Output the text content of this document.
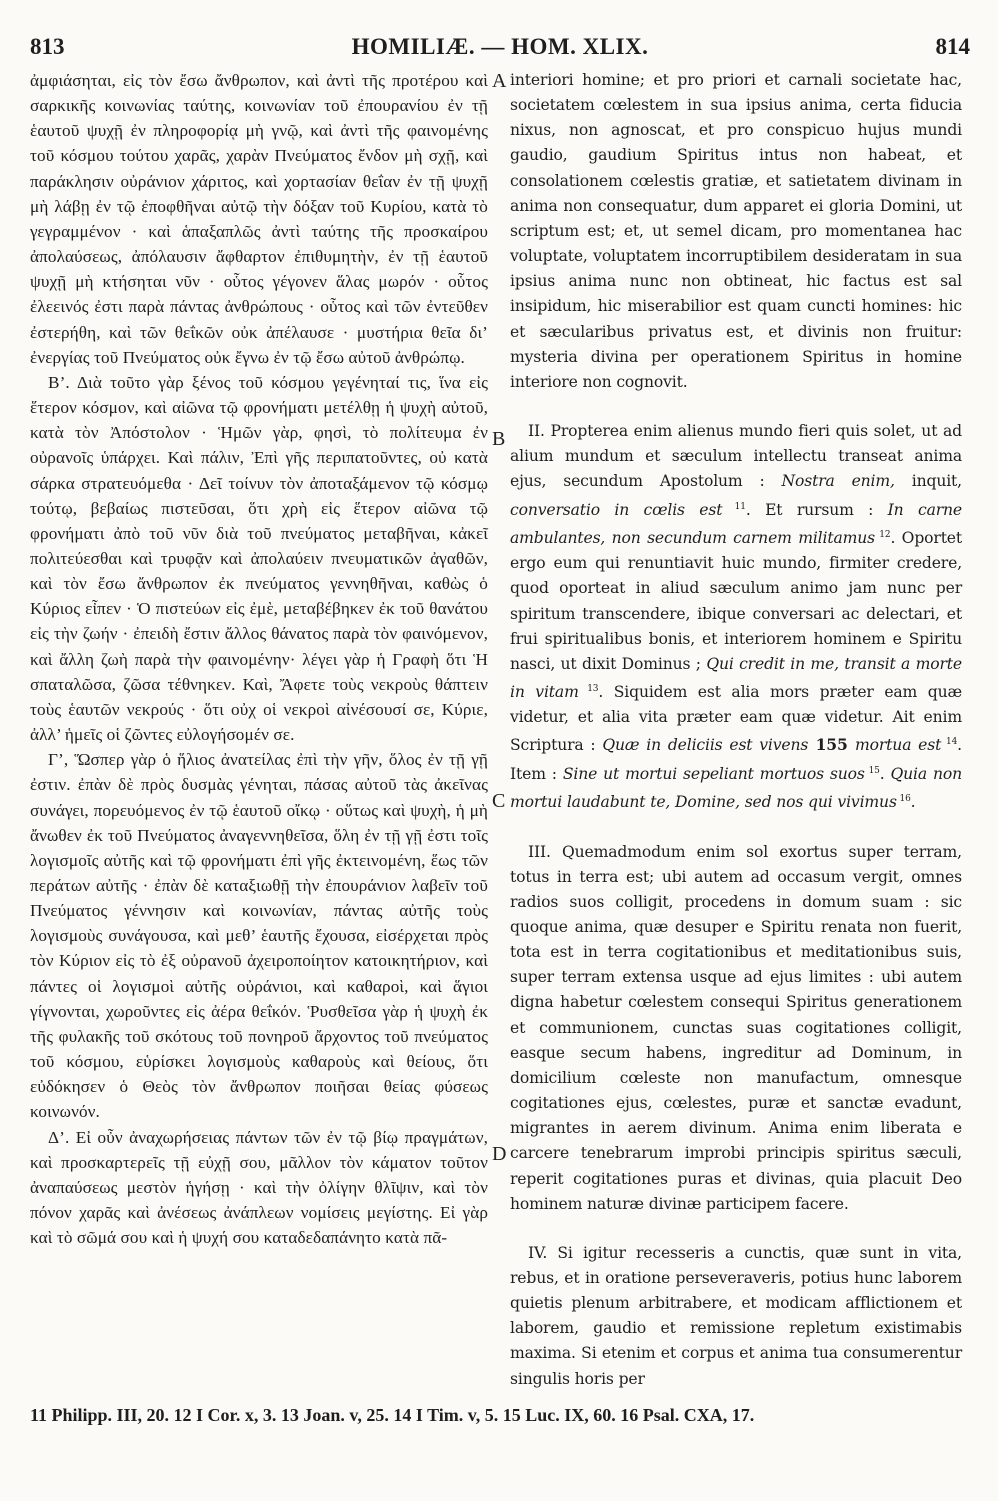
813	HOMILIÆ. — HOM. XLIX.	814

ἀμφιάσηται, εἰς τὸν ἔσω ἄνθρωπον, καὶ ἀντὶ τῆς προτέρου καὶ σαρκικῆς κοινωνίας ταύτης, κοινωνίαν τοῦ ἐπουρανίου ἐν τῇ ἑαυτοῦ ψυχῇ ἐν πληροφορίᾳ μὴ γνῷ, καὶ ἀντὶ τῆς φαινομένης τοῦ κόσμου τούτου χαρᾶς, χαρὰν Πνεύματος ἔνδον μὴ σχῇ, καὶ παράκλησιν οὐράνιον χάριτος, καὶ χορτασίαν θεΐαν ἐν τῇ ψυχῇ μὴ λάβῃ ἐν τῷ ἐποφθῆναι αὐτῷ τὴν δόξαν τοῦ Κυρίου, κατὰ τὸ γεγραμμένον · καὶ ἁπαξαπλῶς ἀντὶ ταύτης τῆς προσκαίρου ἀπολαύσεως, ἀπόλαυσιν ἄφθαρτον ἐπιθυμητὴν, ἐν τῇ ἑαυτοῦ ψυχῇ μὴ κτήσηται νῦν · οὗτος γέγονεν ἅλας μωρόν · οὗτος ἐλεεινός ἐστι παρὰ πάντας ἀνθρώπους · οὗτος καὶ τῶν ἐντεῦθεν ἐστερήθη, καὶ τῶν θεΐκῶν οὐκ ἀπέλαυσε · μυστήρια θεῖα δι’ ἐνεργίας τοῦ Πνεύματος οὐκ ἔγνω ἐν τῷ ἔσω αὐτοῦ ἀνθρώπῳ.

Β’. Διὰ τοῦτο γὰρ ξένος τοῦ κόσμου γεγένηταί τις, ἵνα εἰς ἕτερον κόσμον, καὶ αἰῶνα τῷ φρονήματι μετέλθῃ ἡ ψυχὴ αὐτοῦ, κατὰ τὸν Ἀπόστολον · Ἡμῶν γὰρ, φησὶ, τὸ πολίτευμα ἐν οὐρανοῖς ὑπάρχει. Καὶ πάλιν, Ἐπὶ γῆς περιπατοῦντες, οὐ κατὰ σάρκα στρατευόμεθα · Δεῖ τοίνυν τὸν ἀποταξάμενον τῷ κόσμῳ τούτῳ, βεβαίως πιστεῦσαι, ὅτι χρὴ εἰς ἕτερον αἰῶνα τῷ φρονήματι ἀπὸ τοῦ νῦν διὰ τοῦ πνεύματος μεταβῆναι, κἀκεῖ πολιτεύεσθαι καὶ τρυφᾷν καὶ ἀπολαύειν πνευματικῶν ἀγαθῶν, καὶ τὸν ἔσω ἄνθρωπον ἐκ πνεύματος γεννηθῆναι, καθὼς ὁ Κύριος εἶπεν · Ὁ πιστεύων εἰς ἐμὲ, μεταβέβηκεν ἐκ τοῦ θανάτου εἰς τὴν ζωήν · ἐπειδὴ ἔστιν ἄλλος θάνατος παρὰ τὸν φαινόμενον, καὶ ἄλλη ζωὴ παρὰ τὴν φαινομένην· λέγει γὰρ ἡ Γραφὴ ὅτι Ἡ σπαταλῶσα, ζῶσα τέθνηκεν. Καὶ, Ἄφετε τοὺς νεκροὺς θάπτειν τοὺς ἑαυτῶν νεκρούς · ὅτι οὐχ οἱ νεκροὶ αἰνέσουσί σε, Κύριε, ἀλλ’ ἡμεῖς οἱ ζῶντες εὐλογήσομέν σε.

Γ’, Ὥσπερ γὰρ ὁ ἥλιος ἀνατείλας ἐπὶ τὴν γῆν, ὅλος ἐν τῇ γῇ ἐστιν. ἐπὰν δὲ πρὸς δυσμὰς γένηται, πάσας αὐτοῦ τὰς ἀκεῖνας συνάγει, πορευόμενος ἐν τῷ ἑαυτοῦ οἴκῳ · οὕτως καὶ ψυχὴ, ἡ μὴ ἄνωθεν ἐκ τοῦ Πνεύματος ἀναγεννηθεῖσα, ὅλη ἐν τῇ γῇ ἐστι τοῖς λογισμοῖς αὐτῆς καὶ τῷ φρονήματι ἐπὶ γῆς ἐκτεινομένη, ἕως τῶν περάτων αὐτῆς · ἐπὰν δὲ καταξιωθῇ τὴν ἐπουράνιον λαβεῖν τοῦ Πνεύματος γέννησιν καὶ κοινωνίαν, πάντας αὐτῆς τοὺς λογισμοὺς συνάγουσα, καὶ μεθ’ ἑαυτῆς ἔχουσα, εἰσέρχεται πρὸς τὸν Κύριον εἰς τὸ ἐξ οὐρανοῦ ἀχειροποίητον κατοικητήριον, καὶ πάντες οἱ λογισμοὶ αὐτῆς οὐράνιοι, καὶ καθαροὶ, καὶ ἅγιοι γίγνονται, χωροῦντες εἰς ἀέρα θεΐκόν. Ῥυσθεῖσα γὰρ ἡ ψυχὴ ἐκ τῆς φυλακῆς τοῦ σκότους τοῦ πονηροῦ ἄρχοντος τοῦ πνεύματος τοῦ κόσμου, εὑρίσκει λογισμοὺς καθαροὺς καὶ θείους, ὅτι εὐδόκησεν ὁ Θεὸς τὸν ἄνθρωπον ποιῆσαι θείας φύσεως κοινωνόν.

Δ’. Εἰ οὖν ἀναχωρήσειας πάντων τῶν ἐν τῷ βίῳ πραγμάτων, καὶ προσκαρτερεῖς τῇ εὐχῇ σου, μᾶλλον τὸν κάματον τοῦτον ἀναπαύσεως μεστὸν ἡγήσῃ · καὶ τὴν ὀλίγην θλῖψιν, καὶ τὸν πόνον χαρᾶς καὶ ἀνέσεως ἀνάπλεων νομίσεις μεγίστης. Εἰ γὰρ καὶ τὸ σῶμά σου καὶ ἡ ψυχή σου καταδεδαπάνητο κατὰ πᾶ-

A
B
C
D

interiori homine; et pro priori et carnali societate hac, societatem cœlestem in sua ipsius anima, certa fiducia nixus, non agnoscat, et pro conspicuo hujus mundi gaudio, gaudium Spiritus intus non habeat, et consolationem cœlestis gratiæ, et satietatem divinam in anima non consequatur, dum apparet ei gloria Domini, ut scriptum est; et, ut semel dicam, pro momentanea hac voluptate, voluptatem incorruptibilem desideratam in sua ipsius anima nunc non obtineat, hic factus est sal insipidum, hic miserabilior est quam cuncti homines: hic et sæcularibus privatus est, et divinis non fruitur: mysteria divina per operationem Spiritus in homine interiore non cognovit.

II. Propterea enim alienus mundo fieri quis solet, ut ad alium mundum et sæculum intellectu transeat anima ejus, secundum Apostolum : Nostra enim, inquit, conversatio in cœlis est $^{11}$. Et rursum : In carne ambulantes, non secundum carnem militamus $^{12}$. Oportet ergo eum qui renuntiavit huic mundo, firmiter credere, quod oporteat in aliud sæculum animo jam nunc per spiritum transcendere, ibique conversari ac delectari, et frui spiritualibus bonis, et interiorem hominem e Spiritu nasci, ut dixit Dominus ; Qui credit in me, transit a morte in vitam $^{13}$. Siquidem est alia mors præter eam quæ videtur, et alia vita præter eam quæ videtur. Ait enim Scriptura : Quæ in deliciis est vivens 155 mortua est $^{14}$. Item : Sine ut mortui sepeliant mortuos suos $^{15}$. Quia non mortui laudabunt te, Domine, sed nos qui vivimus $^{16}$.

III. Quemadmodum enim sol exortus super terram, totus in terra est; ubi autem ad occasum vergit, omnes radios suos colligit, procedens in domum suam : sic quoque anima, quæ desuper e Spiritu renata non fuerit, tota est in terra cogitationibus et meditationibus suis, super terram extensa usque ad ejus limites : ubi autem digna habetur cœlestem consequi Spiritus generationem et communionem, cunctas suas cogitationes colligit, easque secum habens, ingreditur ad Dominum, in domicilium cœleste non manufactum, omnesque cogitationes ejus, cœlestes, puræ et sanctæ evadunt, migrantes in aerem divinum. Anima enim liberata e carcere tenebrarum improbi principis spiritus sæculi, reperit cogitationes puras et divinas, quia placuit Deo hominem naturæ divinæ participem facere.

IV. Si igitur recesseris a cunctis, quæ sunt in vita, rebus, et in oratione perseveraveris, potius hunc laborem quietis plenum arbitrabere, et modicam afflictionem et laborem, gaudio et remissione repletum existimabis maxima. Si etenim et corpus et anima tua consumerentur singulis horis per

11 Philipp. III, 20. 12 I Cor. x, 3. 13 Joan. v, 25. 14 I Tim. v, 5. 15 Luc. IX, 60. 16 Psal. CXA, 17.
